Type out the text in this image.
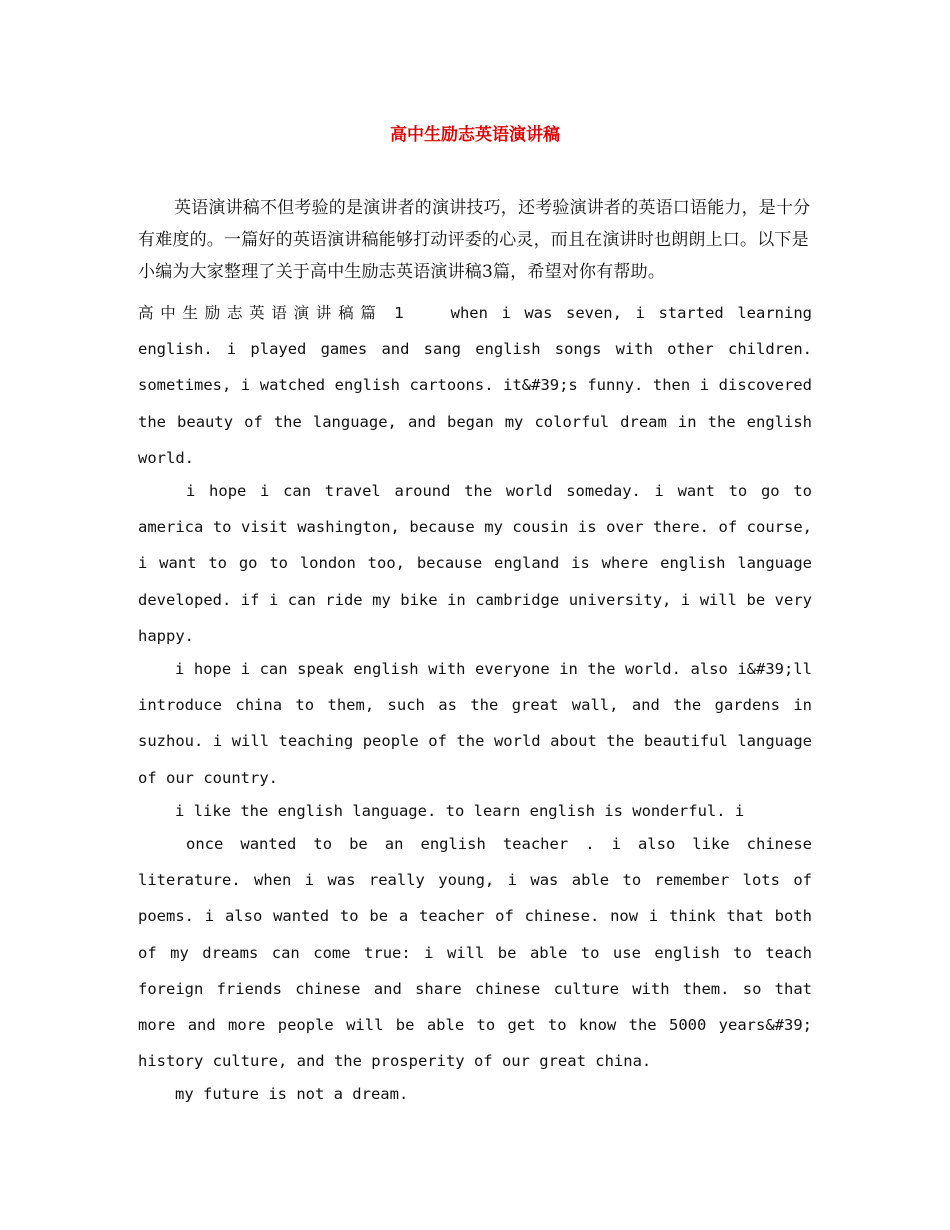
高中生励志英语演讲稿

英语演讲稿不但考验的是演讲者的演讲技巧，还考验演讲者的英语口语能力，是十分有难度的。一篇好的英语演讲稿能够打动评委的心灵，而且在演讲时也朗朗上口。以下是小编为大家整理了关于高中生励志英语演讲稿3篇，希望对你有帮助。

高中生励志英语演讲稿篇 1	when i was seven, i started learning english. i played games and sang english songs with other children. sometimes, i watched english cartoons. it&#39;s funny. then i discovered the beauty of the language, and began my colorful dream in the english world.

i hope i can travel around the world someday. i want to go to america to visit washington, because my cousin is over there. of course, i want to go to london too, because england is where english language developed. if i can ride my bike in cambridge university, i will be very happy.

i hope i can speak english with everyone in the world. also i&#39;ll introduce china to them, such as the great wall, and the gardens in suzhou. i will teaching people of the world about the beautiful language of our country.

i like the english language. to learn english is wonderful. i

once wanted to be an english teacher . i also like chinese literature. when i was really young, i was able to remember lots of poems. i also wanted to be a teacher of chinese. now i think that both of my dreams can come true: i will be able to use english to teach foreign friends chinese and share chinese culture with them. so that more and more people will be able to get to know the 5000 years&#39; history culture, and the prosperity of our great china.

my future is not a dream.
